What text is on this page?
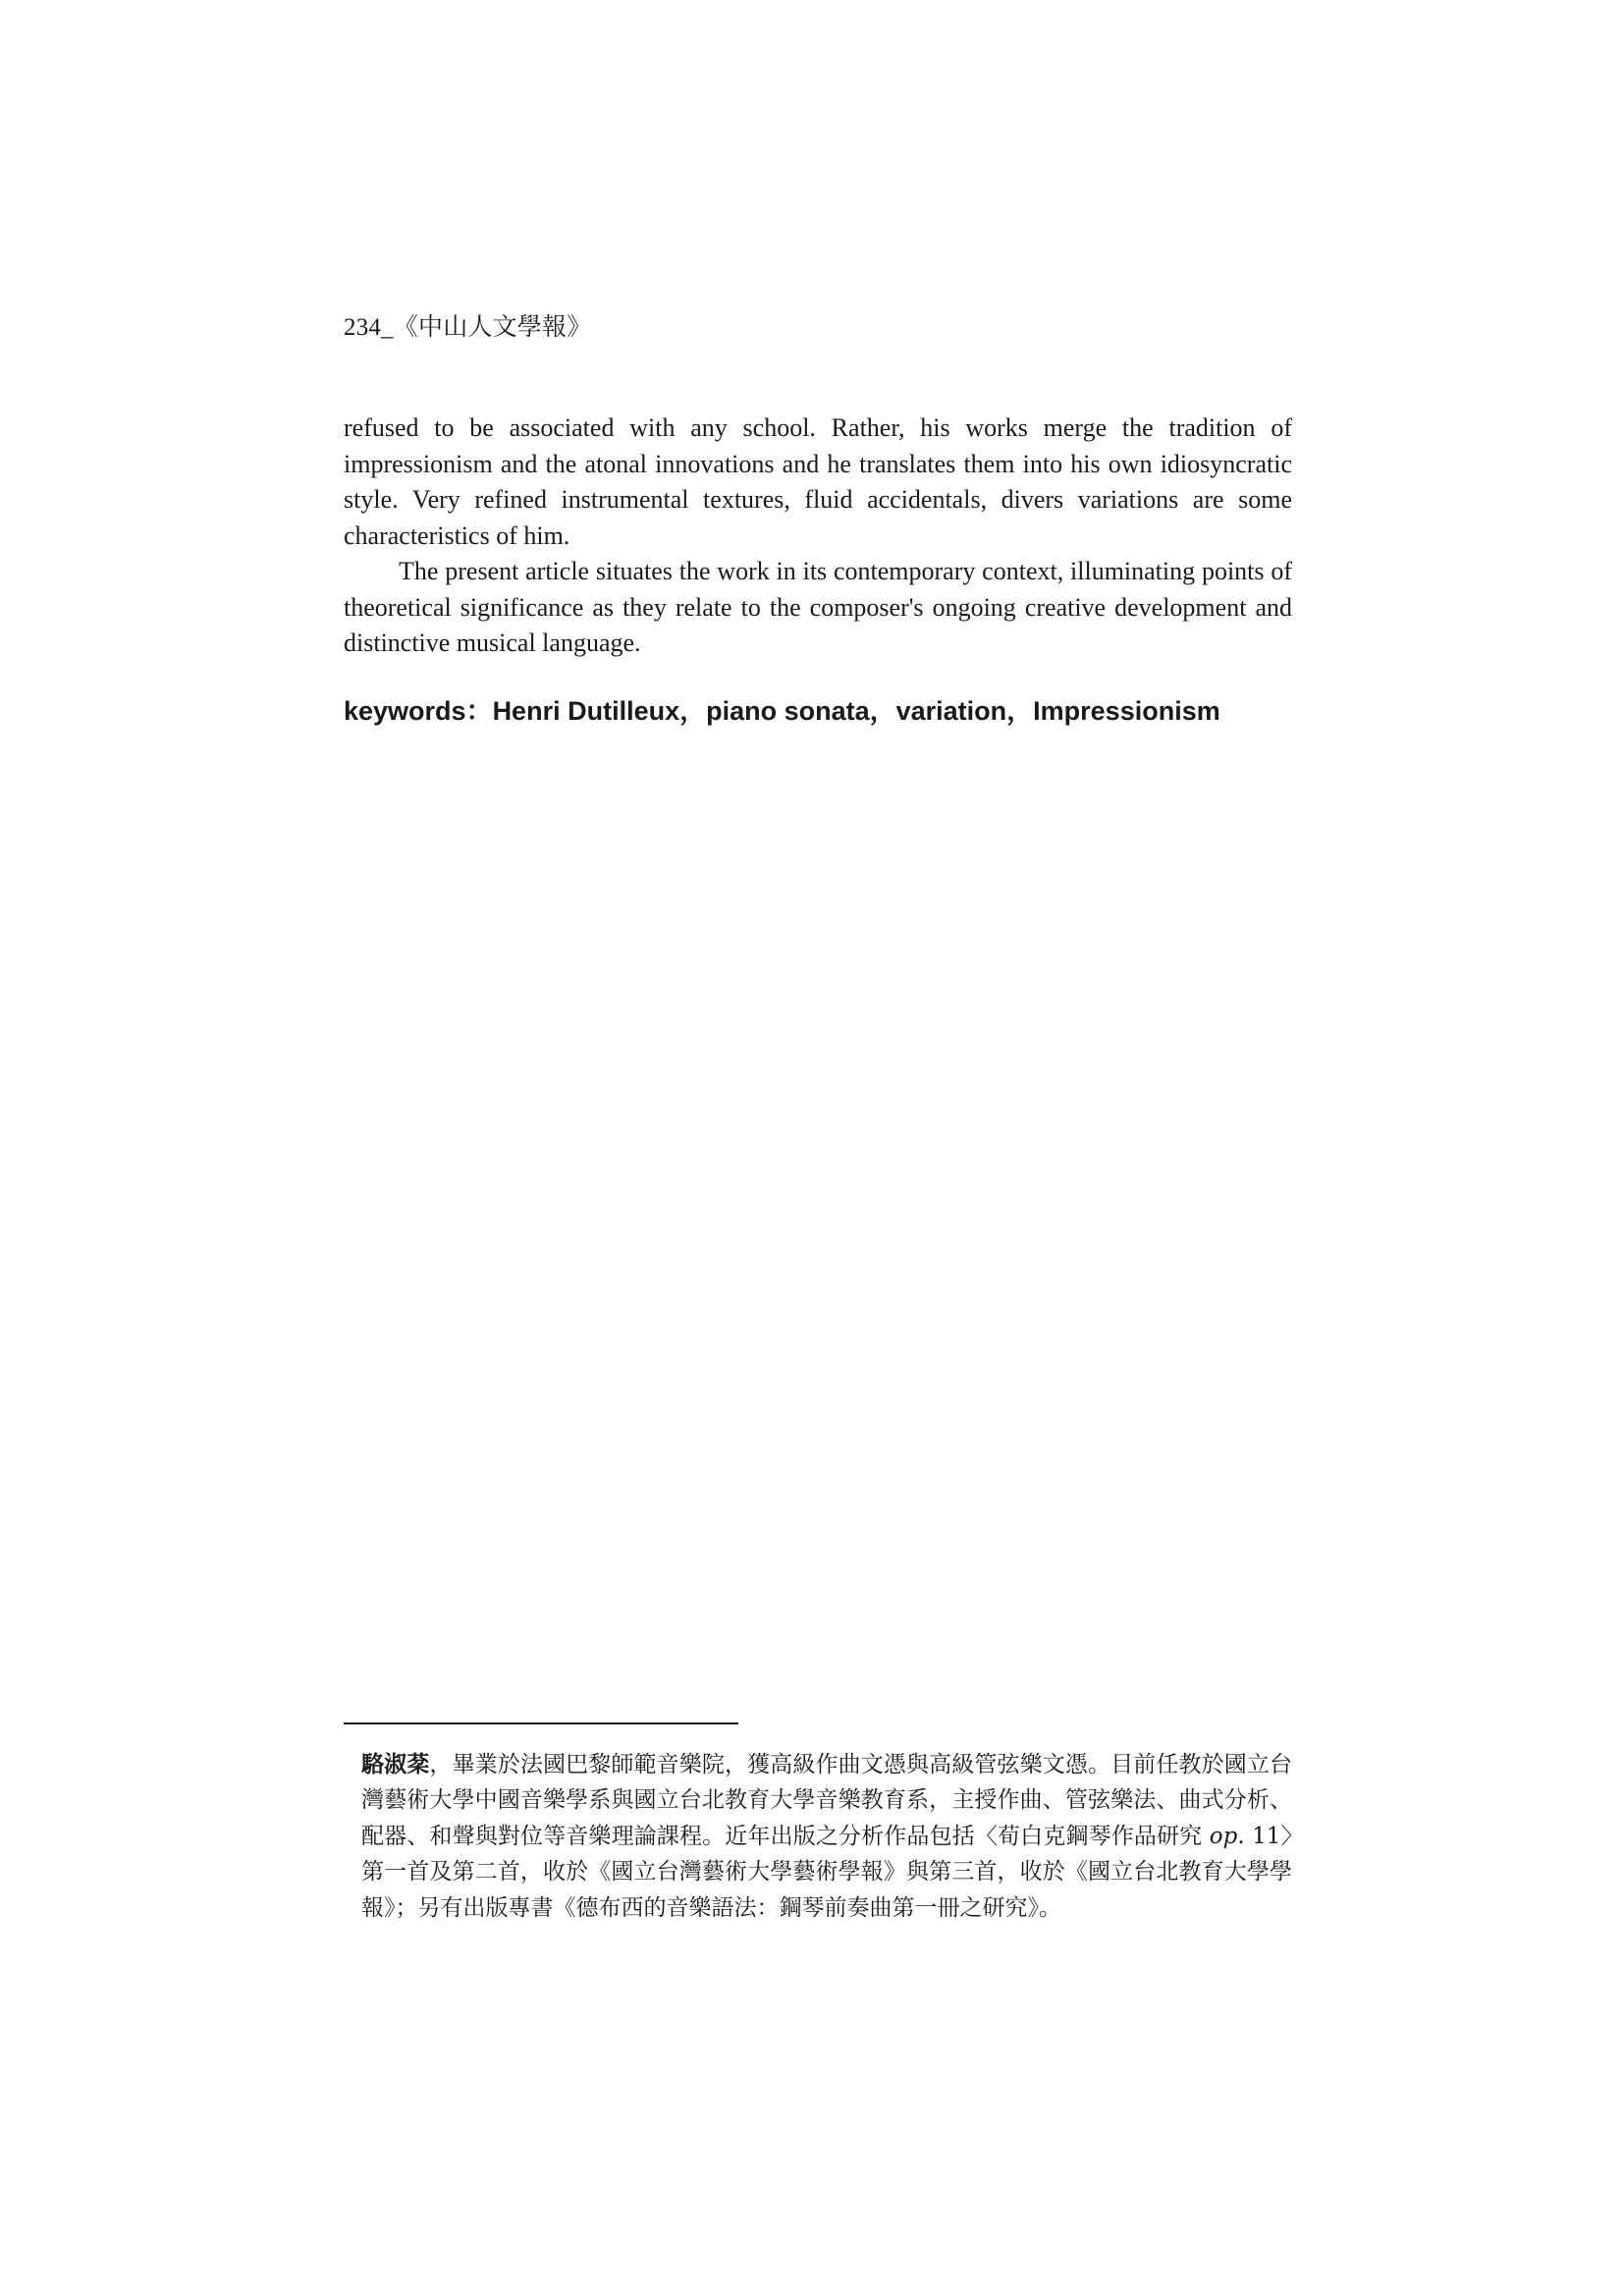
234_《中山人文學報》

refused to be associated with any school. Rather, his works merge the tradition of impressionism and the atonal innovations and he translates them into his own idiosyncratic style. Very refined instrumental textures, fluid accidentals, divers variations are some characteristics of him.

The present article situates the work in its contemporary context, illuminating points of theoretical significance as they relate to the composer's ongoing creative development and distinctive musical language.

keywords：Henri Dutilleux，piano sonata，variation，Impressionism
駱淑棻，畢業於法國巴黎師範音樂院，獲高級作曲文憑與高級管弦樂文憑。目前任教於國立台灣藝術大學中國音樂學系與國立台北教育大學音樂教育系，主授作曲、管弦樂法、曲式分析、配器、和聲與對位等音樂理論課程。近年出版之分析作品包括〈荀白克鋼琴作品研究 op. 11〉第一首及第二首，收於《國立台灣藝術大學藝術學報》與第三首，收於《國立台北教育大學學報》；另有出版專書《德布西的音樂語法：鋼琴前奏曲第一冊之研究》。
